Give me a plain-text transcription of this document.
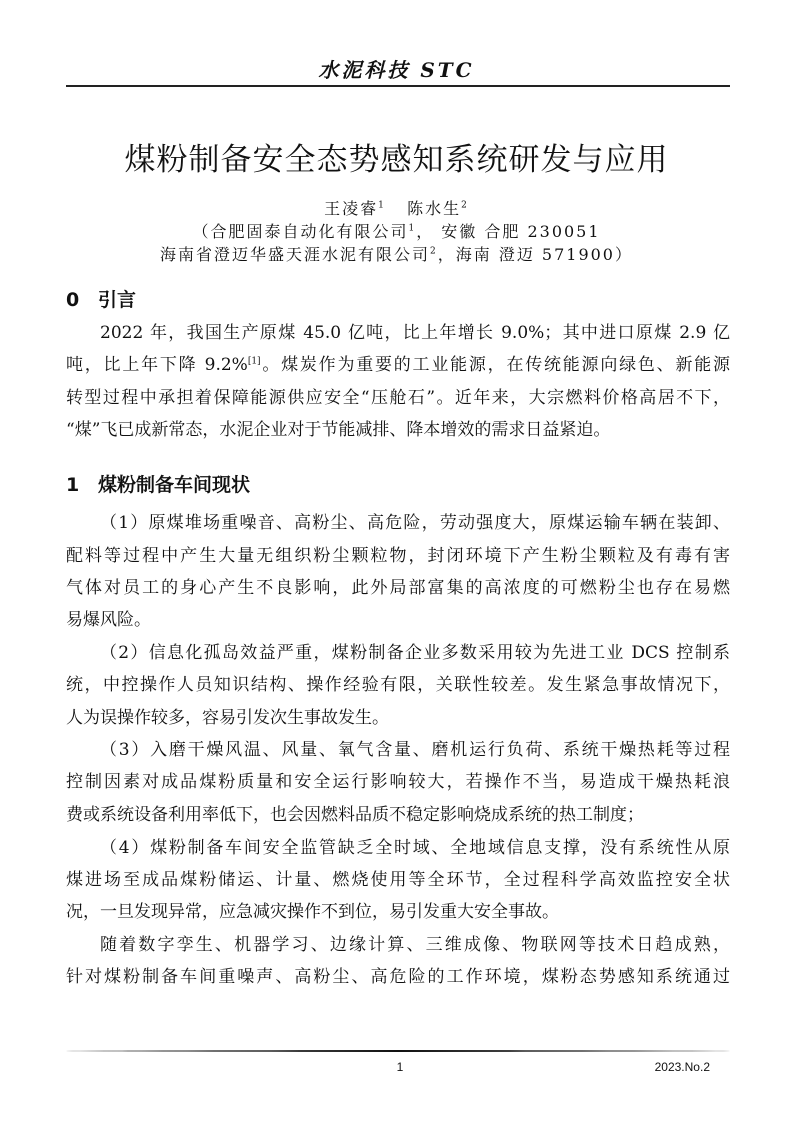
水泥科技 STC
煤粉制备安全态势感知系统研发与应用
王凌睿$^1$ 陈水生$^2$
（合肥固泰自动化有限公司$^1$， 安徽 合肥 230051
海南省澄迈华盛天涯水泥有限公司$^2$，海南 澄迈 571900）
0 引言
2022 年，我国生产原煤 45.0 亿吨，比上年增长 9.0%；其中进口原煤 2.9 亿
吨，比上年下降 9.2%[1]。煤炭作为重要的工业能源，在传统能源向绿色、新能源
转型过程中承担着保障能源供应安全“压舱石”。近年来，大宗燃料价格高居不下，
“煤”飞已成新常态，水泥企业对于节能减排、降本增效的需求日益紧迫。
1 煤粉制备车间现状
（1）原煤堆场重噪音、高粉尘、高危险，劳动强度大，原煤运输车辆在装卸、
配料等过程中产生大量无组织粉尘颗粒物，封闭环境下产生粉尘颗粒及有毒有害
气体对员工的身心产生不良影响，此外局部富集的高浓度的可燃粉尘也存在易燃
易爆风险。
（2）信息化孤岛效益严重，煤粉制备企业多数采用较为先进工业 DCS 控制系
统，中控操作人员知识结构、操作经验有限，关联性较差。发生紧急事故情况下，
人为误操作较多，容易引发次生事故发生。
（3）入磨干燥风温、风量、氧气含量、磨机运行负荷、系统干燥热耗等过程
控制因素对成品煤粉质量和安全运行影响较大，若操作不当，易造成干燥热耗浪
费或系统设备利用率低下，也会因燃料品质不稳定影响烧成系统的热工制度；
（4）煤粉制备车间安全监管缺乏全时域、全地域信息支撑，没有系统性从原
煤进场至成品煤粉储运、计量、燃烧使用等全环节，全过程科学高效监控安全状
况，一旦发现异常，应急减灾操作不到位，易引发重大安全事故。
随着数字孪生、机器学习、边缘计算、三维成像、物联网等技术日趋成熟，
针对煤粉制备车间重噪声、高粉尘、高危险的工作环境，煤粉态势感知系统通过
1	2023.No.2
